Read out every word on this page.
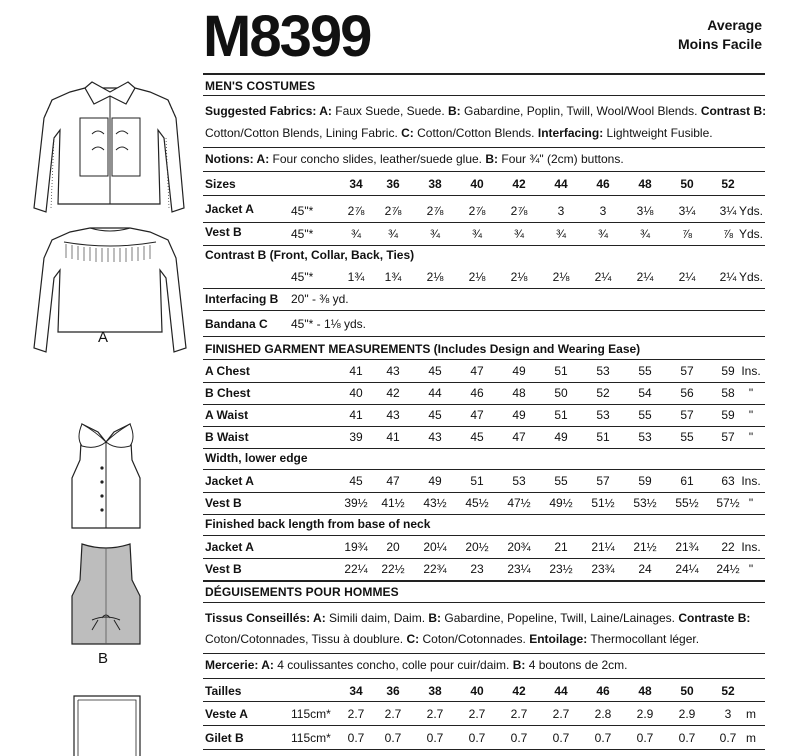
A
B
M8399	Average
Moins Facile
MEN'S COSTUMES
Suggested Fabrics: A: Faux Suede, Suede. B: Gabardine, Poplin, Twill, Wool/Wool Blends. Contrast B:
Cotton/Cotton Blends, Lining Fabric. C: Cotton/Cotton Blends. Interfacing: Lightweight Fusible.
Notions: A: Four concho slides, leather/suede glue. B: Four ¾" (2cm) buttons.
Sizes	34	36	38	40	42	44	46	48	50	52
Jacket A	45"*	2⅞	2⅞	2⅞	2⅞	2⅞	3	3	3⅛	3¼	3¼ Yds.
Vest B	45"*	¾	¾	¾	¾	¾	¾	¾	¾	⅞	⅞ Yds.
Contrast B (Front, Collar, Back, Ties)
45"*	1¾	1¾	2⅛	2⅛	2⅛	2⅛	2¼	2¼	2¼	2¼ Yds.
Interfacing B 20" - ⅜ yd.
Bandana C 45"* - 1⅛ yds.
FINISHED GARMENT MEASUREMENTS (Includes Design and Wearing Ease)
A Chest	41	43	45	47	49	51	53	55	57	59 Ins.
B Chest	40	42	44	46	48	50	52	54	56	58	"
A Waist	41	43	45	47	49	51	53	55	57	59	"
B Waist	39	41	43	45	47	49	51	53	55	57	"
Width, lower edge
Jacket A	45	47	49	51	53	55	57	59	61	63 Ins.
Vest B	39½	41½	43½	45½	47½	49½	51½	53½	55½	57½ "
Finished back length from base of neck
Jacket A	19¾	20	20¼	20½	20¾	21	21¼	21½	21¾	22 Ins.
Vest B	22¼	22½	22¾	23	23¼	23½	23¾	24	24¼	24½ "
DÉGUISEMENTS POUR HOMMES
Tissus Conseillés: A: Simili daim, Daim. B: Gabardine, Popeline, Twill, Laine/Lainages. Contraste B:
Coton/Cotonnades, Tissu à doublure. C: Coton/Cotonnades. Entoilage: Thermocollant léger.
Mercerie: A: 4 coulissantes concho, colle pour cuir/daim. B: 4 boutons de 2cm.
Tailles	34	36	38	40	42	44	46	48	50	52
Veste A	115cm*	2.7	2.7	2.7	2.7	2.7	2.7	2.8	2.9	2.9	3	m
Gilet B	115cm*	0.7	0.7	0.7	0.7	0.7	0.7	0.7	0.7	0.7	0.7 m
